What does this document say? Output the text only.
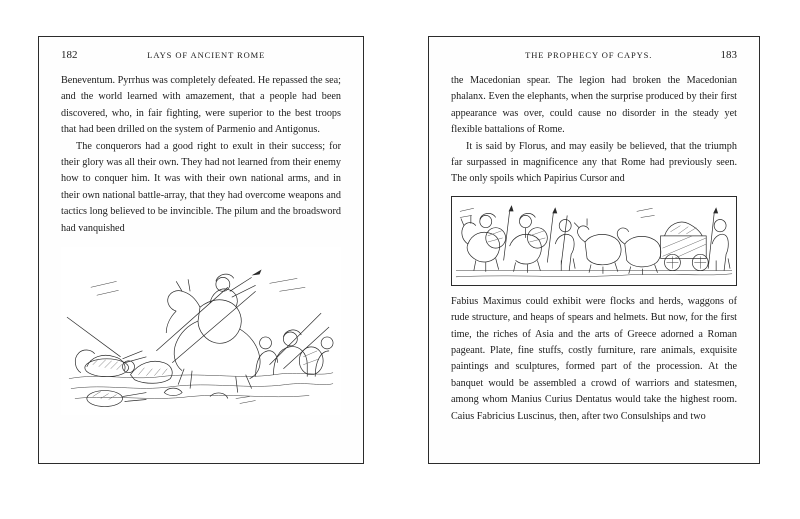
182	LAYS OF ANCIENT ROME

Beneventum. Pyrrhus was completely defeated. He repassed the sea; and the world learned with amazement, that a people had been discovered, who, in fair fighting, were superior to the best troops that had been drilled on the system of Parmenio and Antigonus.

The conquerors had a good right to exult in their success; for their glory was all their own. They had not learned from their enemy how to conquer him. It was with their own national arms, and in their own national battle-array, that they had overcome weapons and tactics long believed to be invincible. The pilum and the broadsword had vanquished

THE PROPHECY OF CAPYS.	183

the Macedonian spear. The legion had broken the Macedonian phalanx. Even the elephants, when the surprise produced by their first appearance was over, could cause no disorder in the steady yet flexible battalions of Rome.

It is said by Florus, and may easily be believed, that the triumph far surpassed in magnificence any that Rome had previously seen. The only spoils which Papirius Cursor and

Fabius Maximus could exhibit were flocks and herds, waggons of rude structure, and heaps of spears and helmets. But now, for the first time, the riches of Asia and the arts of Greece adorned a Roman pageant. Plate, fine stuffs, costly furniture, rare animals, exquisite paintings and sculptures, formed part of the procession. At the banquet would be assembled a crowd of warriors and statesmen, among whom Manius Curius Dentatus would take the highest room. Caius Fabricius Luscinus, then, after two Consulships and two
